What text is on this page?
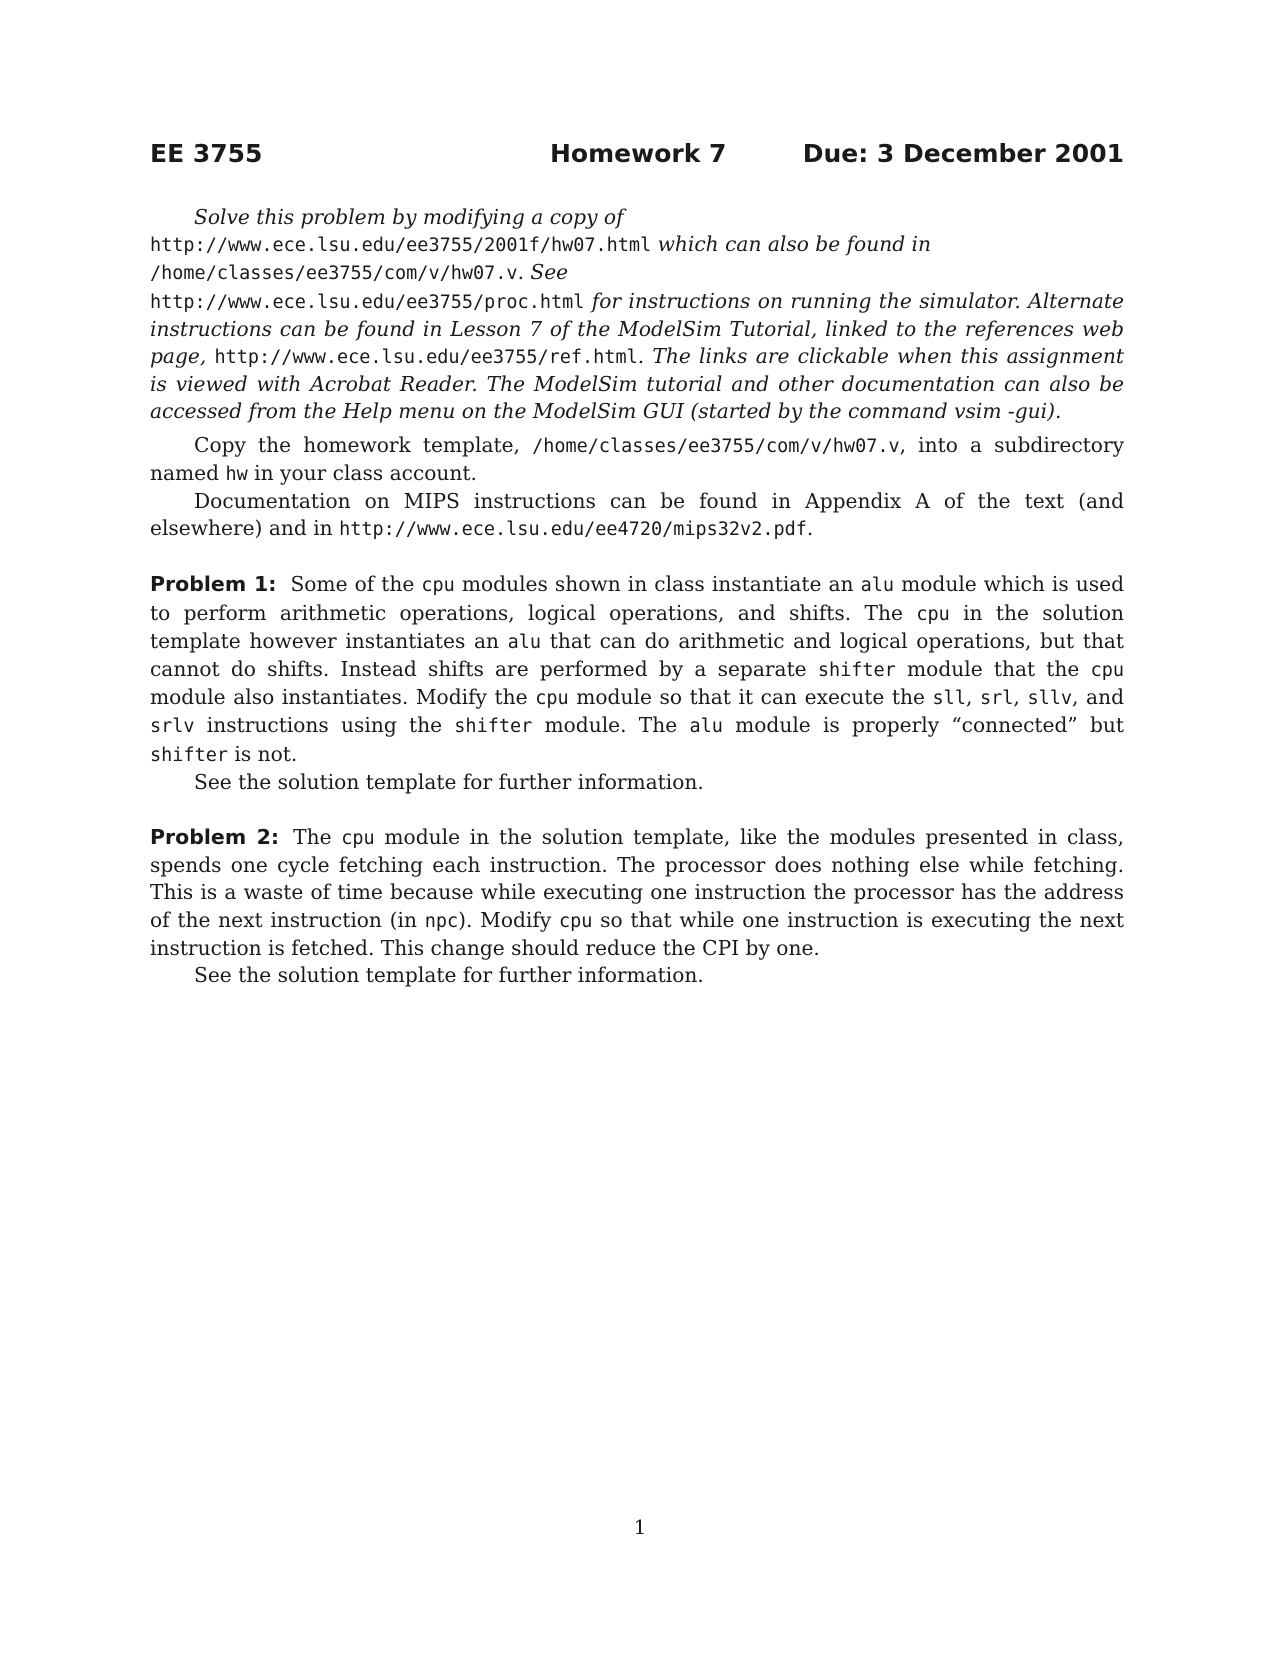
EE 3755	Homework 7	Due: 3 December 2001

Solve this problem by modifying a copy of
http://www.ece.lsu.edu/ee3755/2001f/hw07.html which can also be found in
/home/classes/ee3755/com/v/hw07.v. See
http://www.ece.lsu.edu/ee3755/proc.html for instructions on running the simulator. Alternate instructions can be found in Lesson 7 of the ModelSim Tutorial, linked to the references web page, http://www.ece.lsu.edu/ee3755/ref.html. The links are clickable when this assignment is viewed with Acrobat Reader. The ModelSim tutorial and other documentation can also be accessed from the Help menu on the ModelSim GUI (started by the command vsim -gui).

Copy the homework template, /home/classes/ee3755/com/v/hw07.v, into a subdirectory named hw in your class account.

Documentation on MIPS instructions can be found in Appendix A of the text (and elsewhere) and in http://www.ece.lsu.edu/ee4720/mips32v2.pdf.

Problem 1: Some of the cpu modules shown in class instantiate an alu module which is used to perform arithmetic operations, logical operations, and shifts. The cpu in the solution template however instantiates an alu that can do arithmetic and logical operations, but that cannot do shifts. Instead shifts are performed by a separate shifter module that the cpu module also instantiates. Modify the cpu module so that it can execute the sll, srl, sllv, and srlv instructions using the shifter module. The alu module is properly “connected” but shifter is not.

See the solution template for further information.

Problem 2: The cpu module in the solution template, like the modules presented in class, spends one cycle fetching each instruction. The processor does nothing else while fetching. This is a waste of time because while executing one instruction the processor has the address of the next instruction (in npc). Modify cpu so that while one instruction is executing the next instruction is fetched. This change should reduce the CPI by one.

See the solution template for further information.

1
